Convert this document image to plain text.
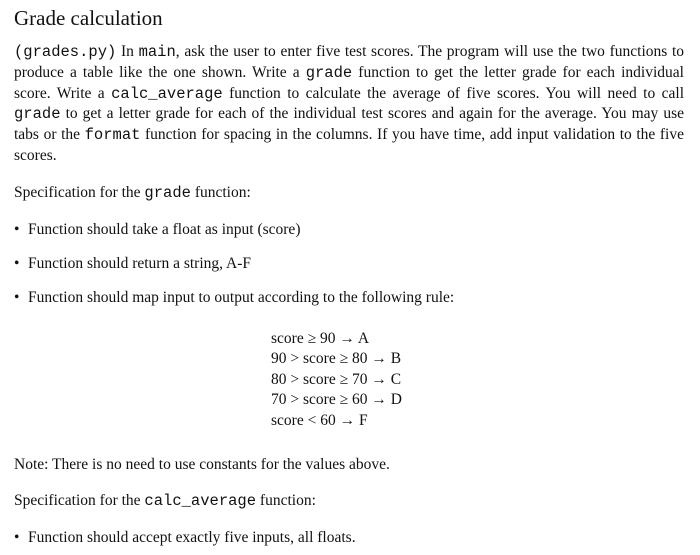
Grade calculation

(grades.py) In main, ask the user to enter five test scores. The program will use the two functions to produce a table like the one shown. Write a grade function to get the letter grade for each individual score. Write a calc_average function to calculate the average of five scores. You will need to call grade to get a letter grade for each of the individual test scores and again for the average. You may use tabs or the format function for spacing in the columns. If you have time, add input validation to the five scores.

Specification for the grade function:

• Function should take a float as input (score)
• Function should return a string, A-F
• Function should map input to output according to the following rule:
score ≥ 90 → A
90 > score ≥ 80 → B
80 > score ≥ 70 → C
70 > score ≥ 60 → D
score < 60 → F

Note: There is no need to use constants for the values above.

Specification for the calc_average function:

• Function should accept exactly five inputs, all floats.
